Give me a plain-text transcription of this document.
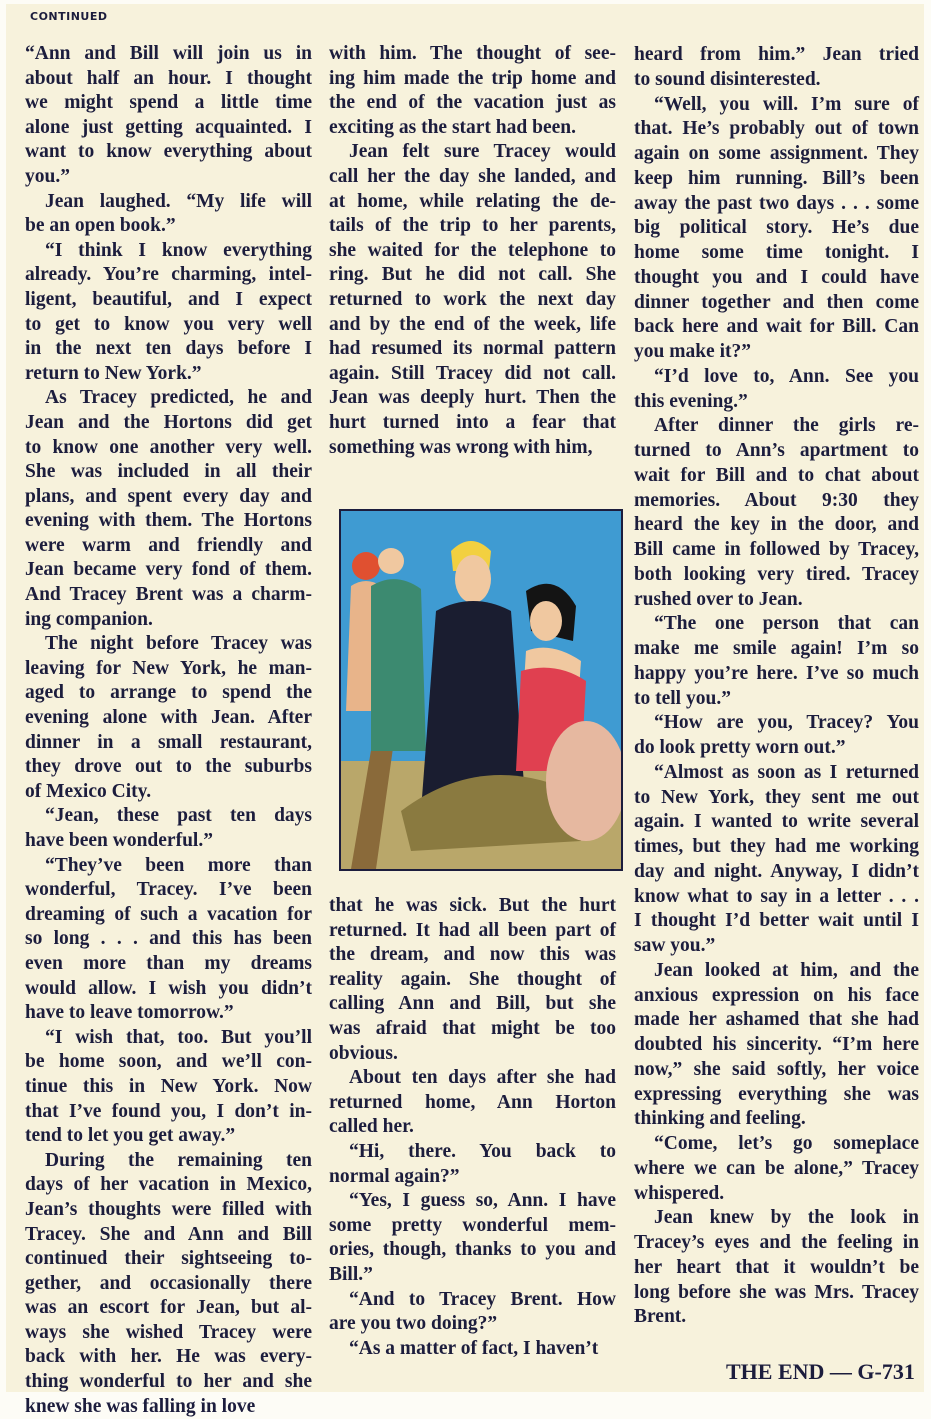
CONTINUED
“Ann and Bill will join us in
about half an hour. I thought
we might spend a little time
alone just getting acquainted. I
want to know everything about
you.”
Jean laughed. “My life will
be an open book.”
“I think I know everything
already. You’re charming, intel-
ligent, beautiful, and I expect
to get to know you very well
in the next ten days before I
return to New York.”
As Tracey predicted, he and
Jean and the Hortons did get
to know one another very well.
She was included in all their
plans, and spent every day and
evening with them. The Hortons
were warm and friendly and
Jean became very fond of them.
And Tracey Brent was a charm-
ing companion.
The night before Tracey was
leaving for New York, he man-
aged to arrange to spend the
evening alone with Jean. After
dinner in a small restaurant,
they drove out to the suburbs
of Mexico City.
“Jean, these past ten days
have been wonderful.”
“They’ve been more than
wonderful, Tracey. I’ve been
dreaming of such a vacation for
so long . . . and this has been
even more than my dreams
would allow. I wish you didn’t
have to leave tomorrow.”
“I wish that, too. But you’ll
be home soon, and we’ll con-
tinue this in New York. Now
that I’ve found you, I don’t in-
tend to let you get away.”
During the remaining ten
days of her vacation in Mexico,
Jean’s thoughts were filled with
Tracey. She and Ann and Bill
continued their sightseeing to-
gether, and occasionally there
was an escort for Jean, but al-
ways she wished Tracey were
back with her. He was every-
thing wonderful to her and she
knew she was falling in love
with him. The thought of see-
ing him made the trip home and
the end of the vacation just as
exciting as the start had been.
Jean felt sure Tracey would
call her the day she landed, and
at home, while relating the de-
tails of the trip to her parents,
she waited for the telephone to
ring. But he did not call. She
returned to work the next day
and by the end of the week, life
had resumed its normal pattern
again. Still Tracey did not call.
Jean was deeply hurt. Then the
hurt turned into a fear that
something was wrong with him,
that he was sick. But the hurt
returned. It had all been part of
the dream, and now this was
reality again. She thought of
calling Ann and Bill, but she
was afraid that might be too
obvious.
About ten days after she had
returned home, Ann Horton
called her.
“Hi, there. You back to
normal again?”
“Yes, I guess so, Ann. I have
some pretty wonderful mem-
ories, though, thanks to you and
Bill.”
“And to Tracey Brent. How
are you two doing?”
“As a matter of fact, I haven’t
heard from him.” Jean tried
to sound disinterested.
“Well, you will. I’m sure of
that. He’s probably out of town
again on some assignment. They
keep him running. Bill’s been
away the past two days . . . some
big political story. He’s due
home some time tonight. I
thought you and I could have
dinner together and then come
back here and wait for Bill. Can
you make it?”
“I’d love to, Ann. See you
this evening.”
After dinner the girls re-
turned to Ann’s apartment to
wait for Bill and to chat about
memories. About 9:30 they
heard the key in the door, and
Bill came in followed by Tracey,
both looking very tired. Tracey
rushed over to Jean.
“The one person that can
make me smile again! I’m so
happy you’re here. I’ve so much
to tell you.”
“How are you, Tracey? You
do look pretty worn out.”
“Almost as soon as I returned
to New York, they sent me out
again. I wanted to write several
times, but they had me working
day and night. Anyway, I didn’t
know what to say in a letter . . .
I thought I’d better wait until I
saw you.”
Jean looked at him, and the
anxious expression on his face
made her ashamed that she had
doubted his sincerity. “I’m here
now,” she said softly, her voice
expressing everything she was
thinking and feeling.
“Come, let’s go someplace
where we can be alone,” Tracey
whispered.
Jean knew by the look in
Tracey’s eyes and the feeling in
her heart that it wouldn’t be
long before she was Mrs. Tracey
Brent.
THE END — G-731
